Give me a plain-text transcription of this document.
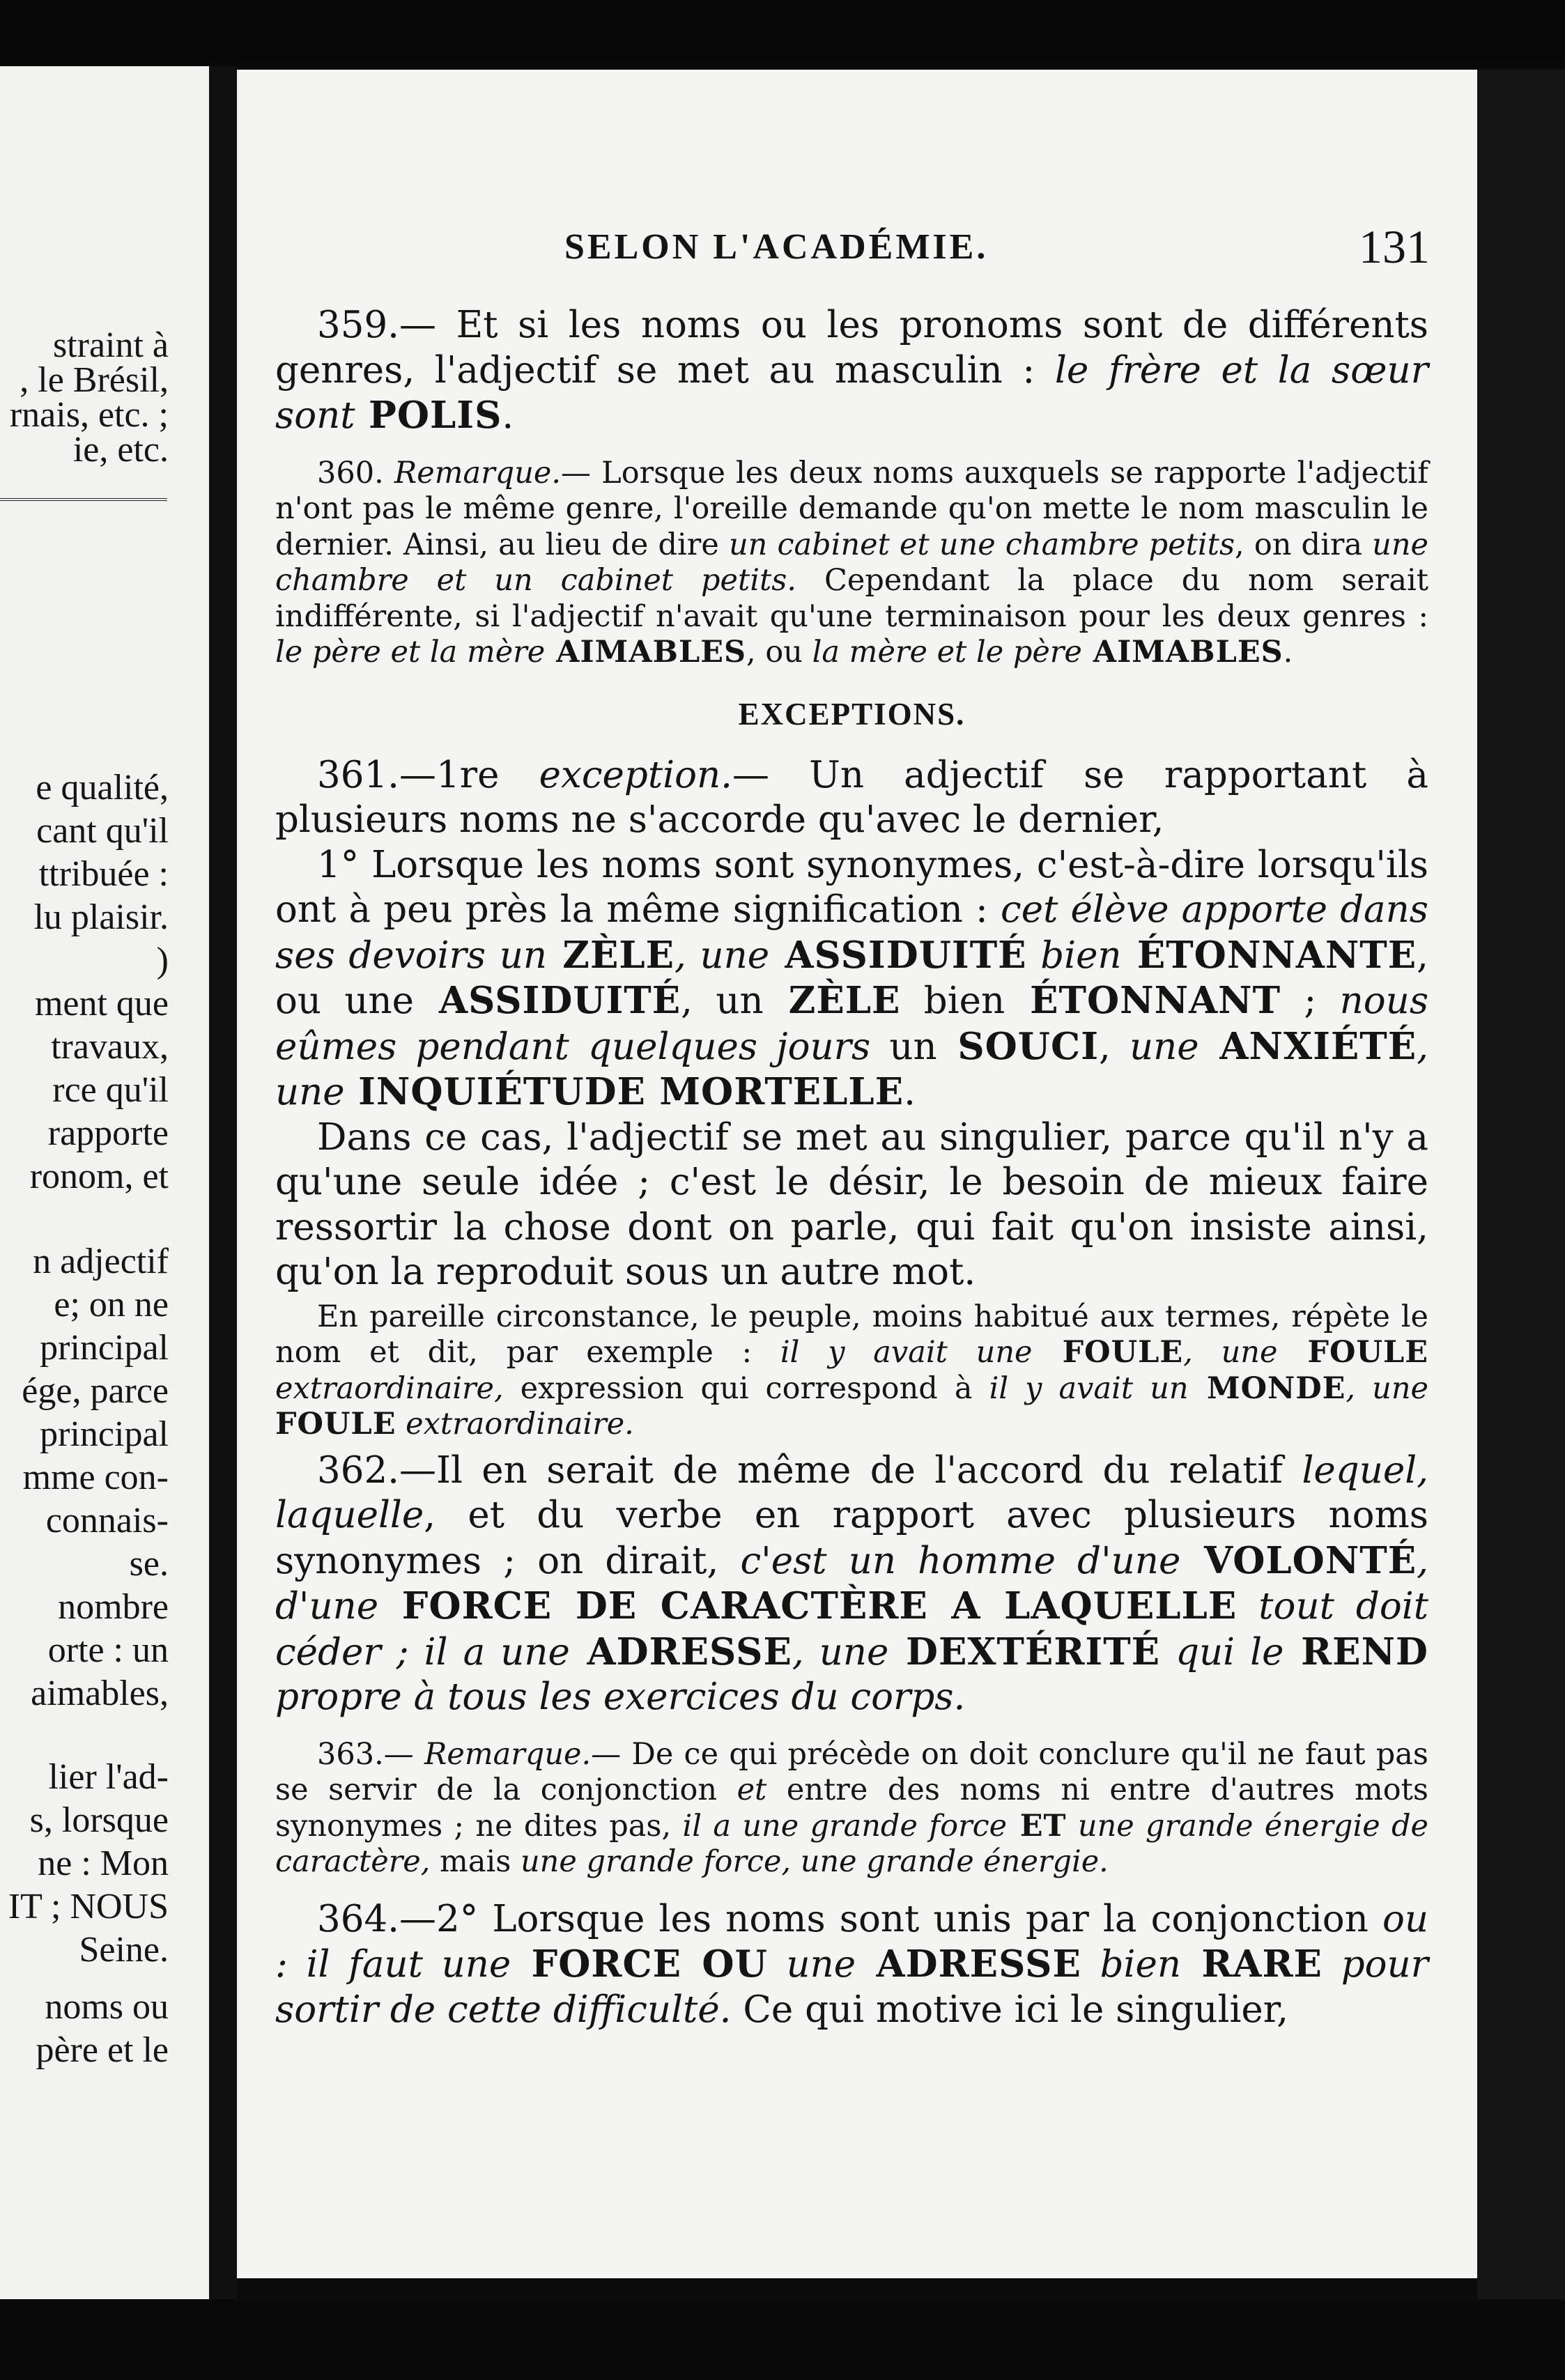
straint à
, le Brésil,
rnais, etc. ;
ie, etc.
e qualité,
cant qu'il
ttribuée :
lu plaisir.
)
ment que
travaux,
rce qu'il
rapporte
ronom, et
n adjectif
e; on ne
principal
ége, parce
principal
mme con-
connais-
se.
nombre
orte : un
aimables,
lier l'ad-
s, lorsque
ne : Mon
IT ; NOUS
Seine.
noms ou
père et le
SELON L'ACADÉMIE.	131

359.— Et si les noms ou les pronoms sont de différents genres, l'adjectif se met au masculin : le frère et la sœur sont POLIS.

360. Remarque.— Lorsque les deux noms auxquels se rapporte l'adjectif n'ont pas le même genre, l'oreille demande qu'on mette le nom masculin le dernier. Ainsi, au lieu de dire un cabinet et une chambre petits, on dira une chambre et un cabinet petits. Cependant la place du nom serait indifférente, si l'adjectif n'avait qu'une terminaison pour les deux genres : le père et la mère AIMABLES, ou la mère et le père AIMABLES.

EXCEPTIONS.

361.—1re exception.— Un adjectif se rapportant à plusieurs noms ne s'accorde qu'avec le dernier,

1° Lorsque les noms sont synonymes, c'est-à-dire lorsqu'ils ont à peu près la même signification : cet élève apporte dans ses devoirs un ZÈLE, une ASSIDUITÉ bien ÉTONNANTE, ou une ASSIDUITÉ, un ZÈLE bien ÉTONNANT ; nous eûmes pendant quelques jours un SOUCI, une ANXIÉTÉ, une INQUIÉTUDE MORTELLE.

Dans ce cas, l'adjectif se met au singulier, parce qu'il n'y a qu'une seule idée ; c'est le désir, le besoin de mieux faire ressortir la chose dont on parle, qui fait qu'on insiste ainsi, qu'on la reproduit sous un autre mot.

En pareille circonstance, le peuple, moins habitué aux termes, répète le nom et dit, par exemple : il y avait une FOULE, une FOULE extraordinaire, expression qui correspond à il y avait un MONDE, une FOULE extraordinaire.

362.—Il en serait de même de l'accord du relatif lequel, laquelle, et du verbe en rapport avec plusieurs noms synonymes ; on dirait, c'est un homme d'une VOLONTÉ, d'une FORCE DE CARACTÈRE A LAQUELLE tout doit céder ; il a une ADRESSE, une DEXTÉRITÉ qui le REND propre à tous les exercices du corps.

363.— Remarque.— De ce qui précède on doit conclure qu'il ne faut pas se servir de la conjonction et entre des noms ni entre d'autres mots synonymes ; ne dites pas, il a une grande force ET une grande énergie de caractère, mais une grande force, une grande énergie.

364.—2° Lorsque les noms sont unis par la conjonction ou : il faut une FORCE OU une ADRESSE bien RARE pour sortir de cette difficulté. Ce qui motive ici le singulier,
